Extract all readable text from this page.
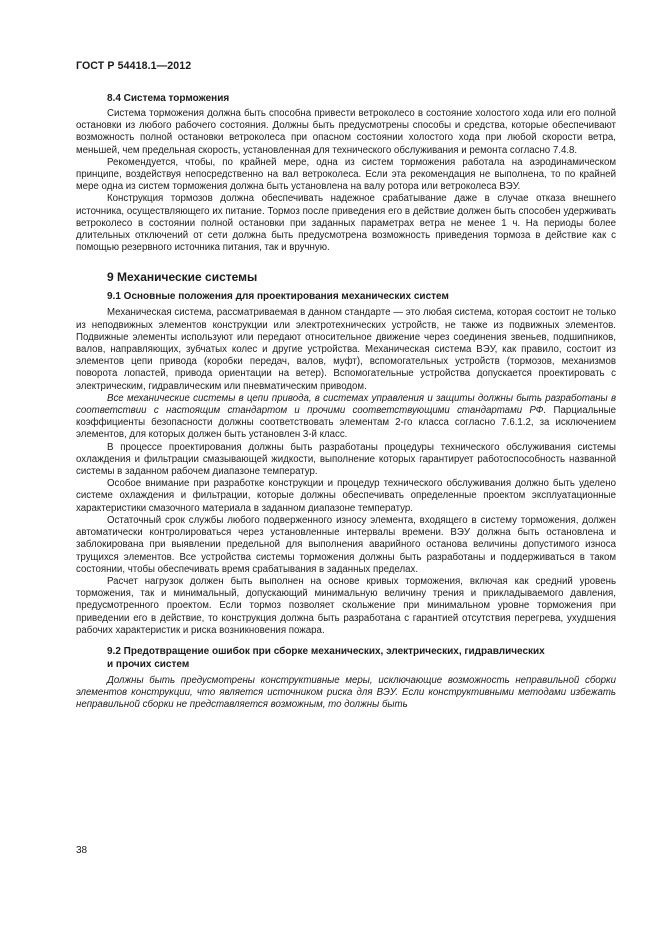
ГОСТ Р 54418.1—2012
8.4 Система торможения

Система торможения должна быть способна привести ветроколесо в состояние холостого хода или его полной остановки из любого рабочего состояния. Должны быть предусмотрены способы и средства, которые обеспечивают возможность полной остановки ветроколеса при опасном состоянии холостого хода при любой скорости ветра, меньшей, чем предельная скорость, установленная для технического обслуживания и ремонта согласно 7.4.8.

Рекомендуется, чтобы, по крайней мере, одна из систем торможения работала на аэродинамическом принципе, воздействуя непосредственно на вал ветроколеса. Если эта рекомендация не выполнена, то по крайней мере одна из систем торможения должна быть установлена на валу ротора или ветроколеса ВЭУ.

Конструкция тормозов должна обеспечивать надежное срабатывание даже в случае отказа внешнего источника, осуществляющего их питание. Тормоз после приведения его в действие должен быть способен удерживать ветроколесо в состоянии полной остановки при заданных параметрах ветра не менее 1 ч. На периоды более длительных отключений от сети должна быть предусмотрена возможность приведения тормоза в действие как с помощью резервного источника питания, так и вручную.

9 Механические системы
9.1 Основные положения для проектирования механических систем

Механическая система, рассматриваемая в данном стандарте — это любая система, которая состоит не только из неподвижных элементов конструкции или электротехнических устройств, не также из подвижных элементов. Подвижные элементы используют или передают относительное движение через соединения звеньев, подшипников, валов, направляющих, зубчатых колес и другие устройства. Механическая система ВЭУ, как правило, состоит из элементов цепи привода (коробки передач, валов, муфт), вспомогательных устройств (тормозов, механизмов поворота лопастей, привода ориентации на ветер). Вспомогательные устройства допускается проектировать с электрическим, гидравлическим или пневматическим приводом.

Все механические системы в цепи привода, в системах управления и защиты должны быть разработаны в соответствии с настоящим стандартом и прочими соответствующими стандартами РФ. Парциальные коэффициенты безопасности должны соответствовать элементам 2-го класса согласно 7.6.1.2, за исключением элементов, для которых должен быть установлен 3-й класс.

В процессе проектирования должны быть разработаны процедуры технического обслуживания системы охлаждения и фильтрации смазывающей жидкости, выполнение которых гарантирует работоспособность названной системы в заданном рабочем диапазоне температур.

Особое внимание при разработке конструкции и процедур технического обслуживания должно быть уделено системе охлаждения и фильтрации, которые должны обеспечивать определенные проектом эксплуатационные характеристики смазочного материала в заданном диапазоне температур.

Остаточный срок службы любого подверженного износу элемента, входящего в систему торможения, должен автоматически контролироваться через установленные интервалы времени. ВЭУ должна быть остановлена и заблокирована при выявлении предельной для выполнения аварийного останова величины допустимого износа трущихся элементов. Все устройства системы торможения должны быть разработаны и поддерживаться в таком состоянии, чтобы обеспечивать время срабатывания в заданных пределах.

Расчет нагрузок должен быть выполнен на основе кривых торможения, включая как средний уровень торможения, так и минимальный, допускающий минимальную величину трения и прикладываемого давления, предусмотренного проектом. Если тормоз позволяет скольжение при минимальном уровне торможения при приведении его в действие, то конструкция должна быть разработана с гарантией отсутствия перегрева, ухудшения рабочих характеристик и риска возникновения пожара.

9.2 Предотвращение ошибок при сборке механических, электрических, гидравлических
и прочих систем

Должны быть предусмотрены конструктивные меры, исключающие возможность неправильной сборки элементов конструкции, что является источником риска для ВЭУ. Если конструктивными методами избежать неправильной сборки не представляется возможным, то должны быть

38
